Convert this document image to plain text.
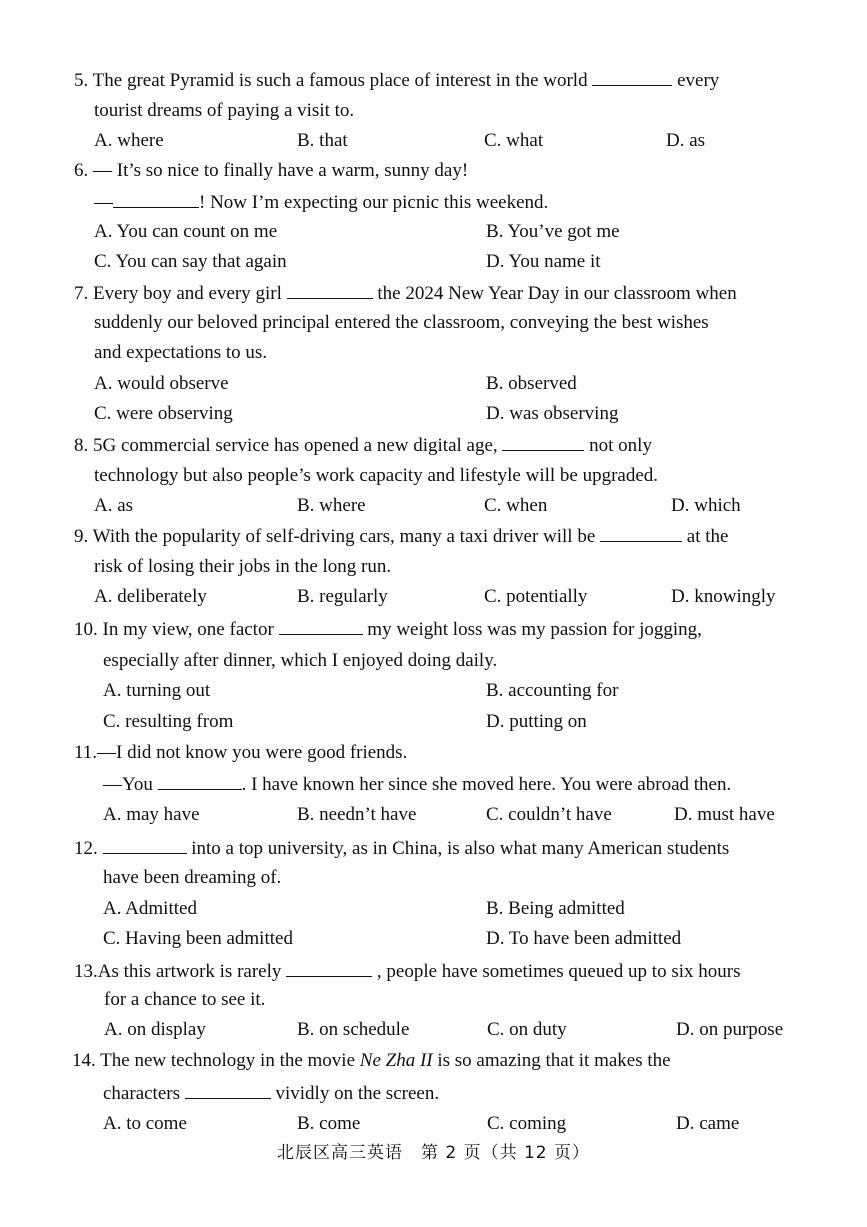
5. The great Pyramid is such a famous place of interest in the world	every
tourist dreams of paying a visit to.
A. where	B. that	C. what	D. as
6. — It’s so nice to finally have a warm, sunny day!
—	! Now I’m expecting our picnic this weekend.
A. You can count on me	B. You’ve got me
C. You can say that again	D. You name it
7. Every boy and every girl	the 2024 New Year Day in our classroom when
suddenly our beloved principal entered the classroom, conveying the best wishes
and expectations to us.
A. would observe	B. observed
C. were observing	D. was observing
8. 5G commercial service has opened a new digital age,	not only
technology but also people’s work capacity and lifestyle will be upgraded.
A. as	B. where	C. when	D. which
9. With the popularity of self-driving cars, many a taxi driver will be	at the
risk of losing their jobs in the long run.
A. deliberately	B. regularly	C. potentially	D. knowingly
10. In my view, one factor	my weight loss was my passion for jogging,
especially after dinner, which I enjoyed doing daily.
A. turning out	B. accounting for
C. resulting from	D. putting on
11.—I did not know you were good friends.
—You	. I have known her since she moved here. You were abroad then.
A. may have	B. needn’t have	C. couldn’t have	D. must have
12.	into a top university, as in China, is also what many American students
have been dreaming of.
A. Admitted	B. Being admitted
C. Having been admitted	D. To have been admitted
13.As this artwork is rarely	, people have sometimes queued up to six hours
for a chance to see it.
A. on display	B. on schedule	C. on duty	D. on purpose
14. The new technology in the movie Ne Zha II is so amazing that it makes the
characters	vividly on the screen.
A. to come	B. come	C. coming	D. came
北辰区高三英语　第 2 页（共 12 页）
